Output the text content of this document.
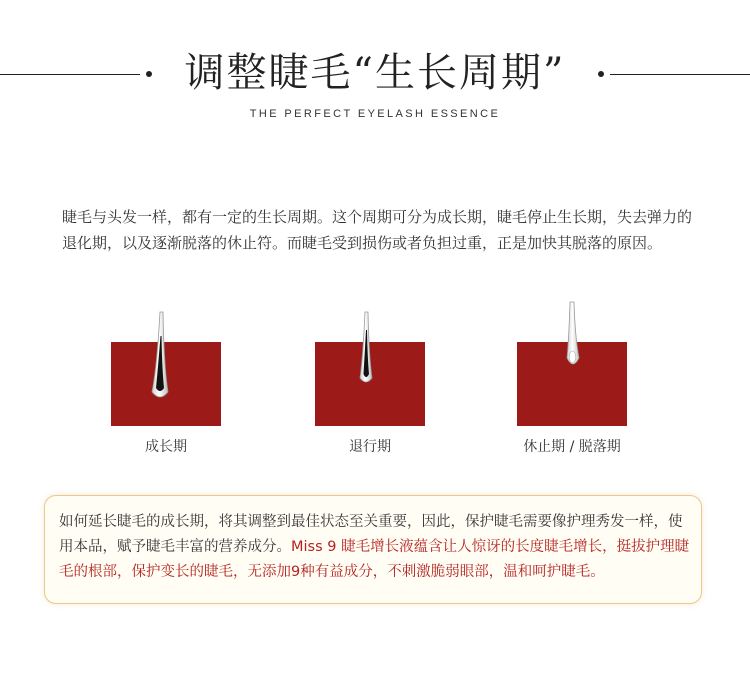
调整睫毛“生长周期”
THE PERFECT EYELASH ESSENCE

睫毛与头发一样，都有一定的生长周期。这个周期可分为成长期，睫毛停止生长期，失去弹力的退化期，以及逐渐脱落的休止符。而睫毛受到损伤或者负担过重，正是加快其脱落的原因。

成长期	退行期	休止期 / 脱落期

如何延长睫毛的成长期，将其调整到最佳状态至关重要，因此，保护睫毛需要像护理秀发一样，使用本品，赋予睫毛丰富的营养成分。Miss 9 睫毛增长液蕴含让人惊讶的长度睫毛增长，挺拔护理睫毛的根部，保护变长的睫毛，无添加9种有益成分，不刺激脆弱眼部，温和呵护睫毛。
